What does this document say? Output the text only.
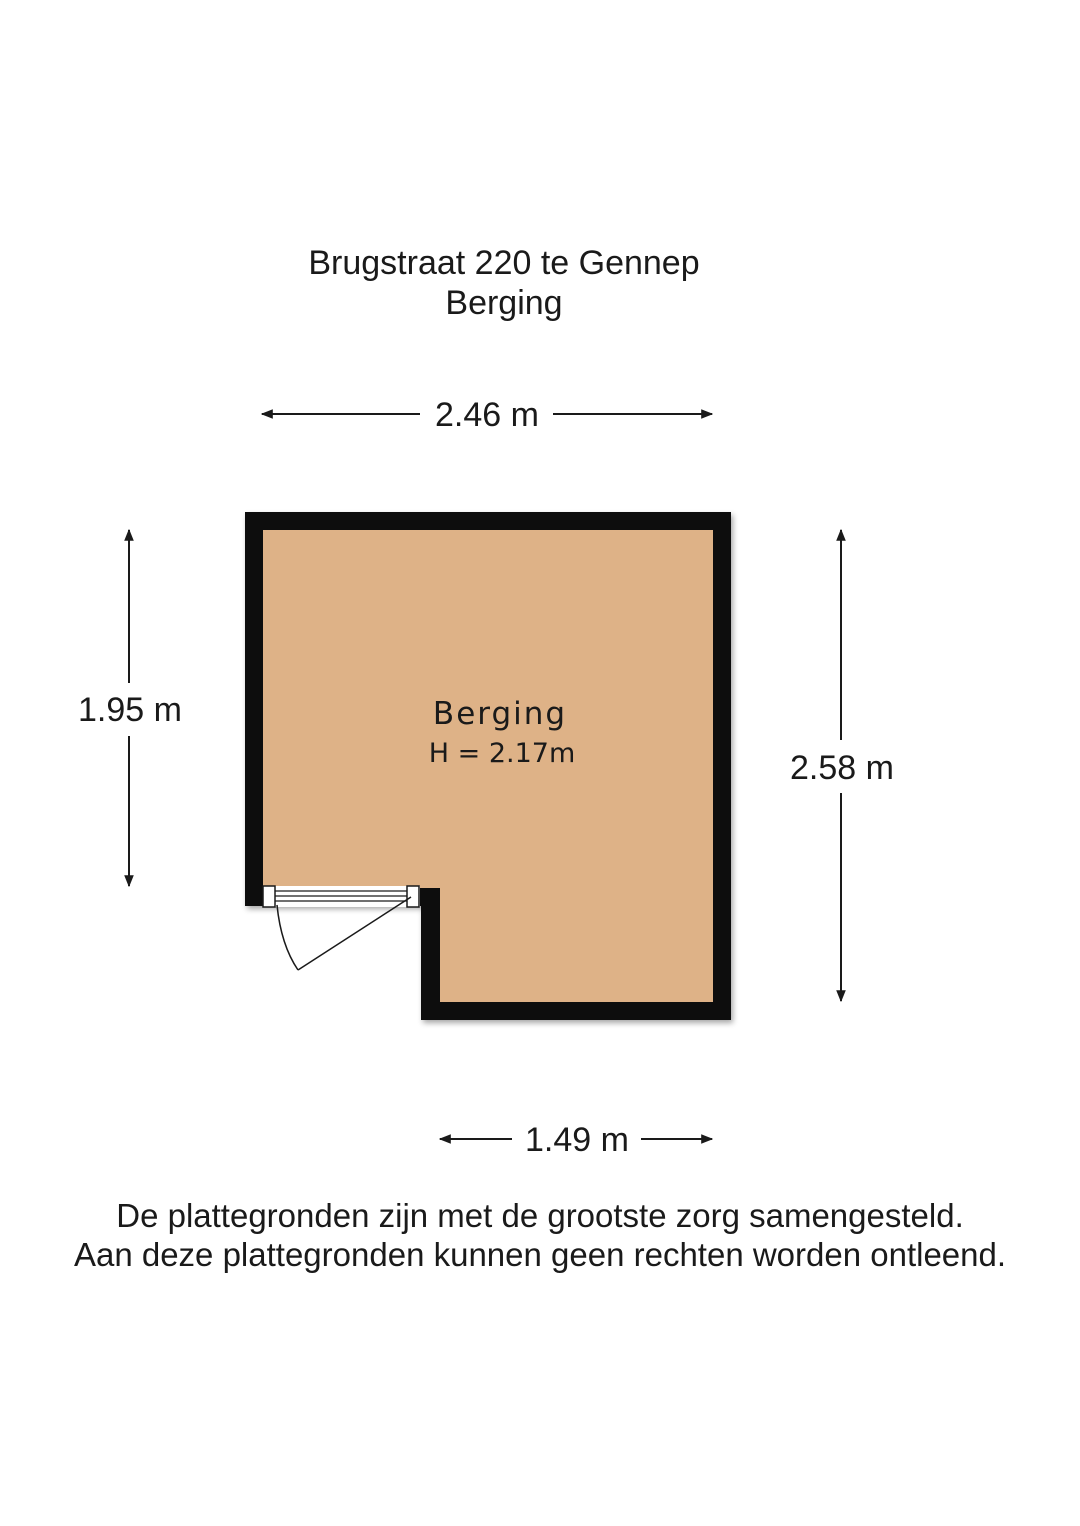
Brugstraat 220 te Gennep
Berging
2.46 m
1.95 m
2.58 m
1.49 m
Berging
H = 2.17m
De plattegronden zijn met de grootste zorg samengesteld.
Aan deze plattegronden kunnen geen rechten worden ontleend.
